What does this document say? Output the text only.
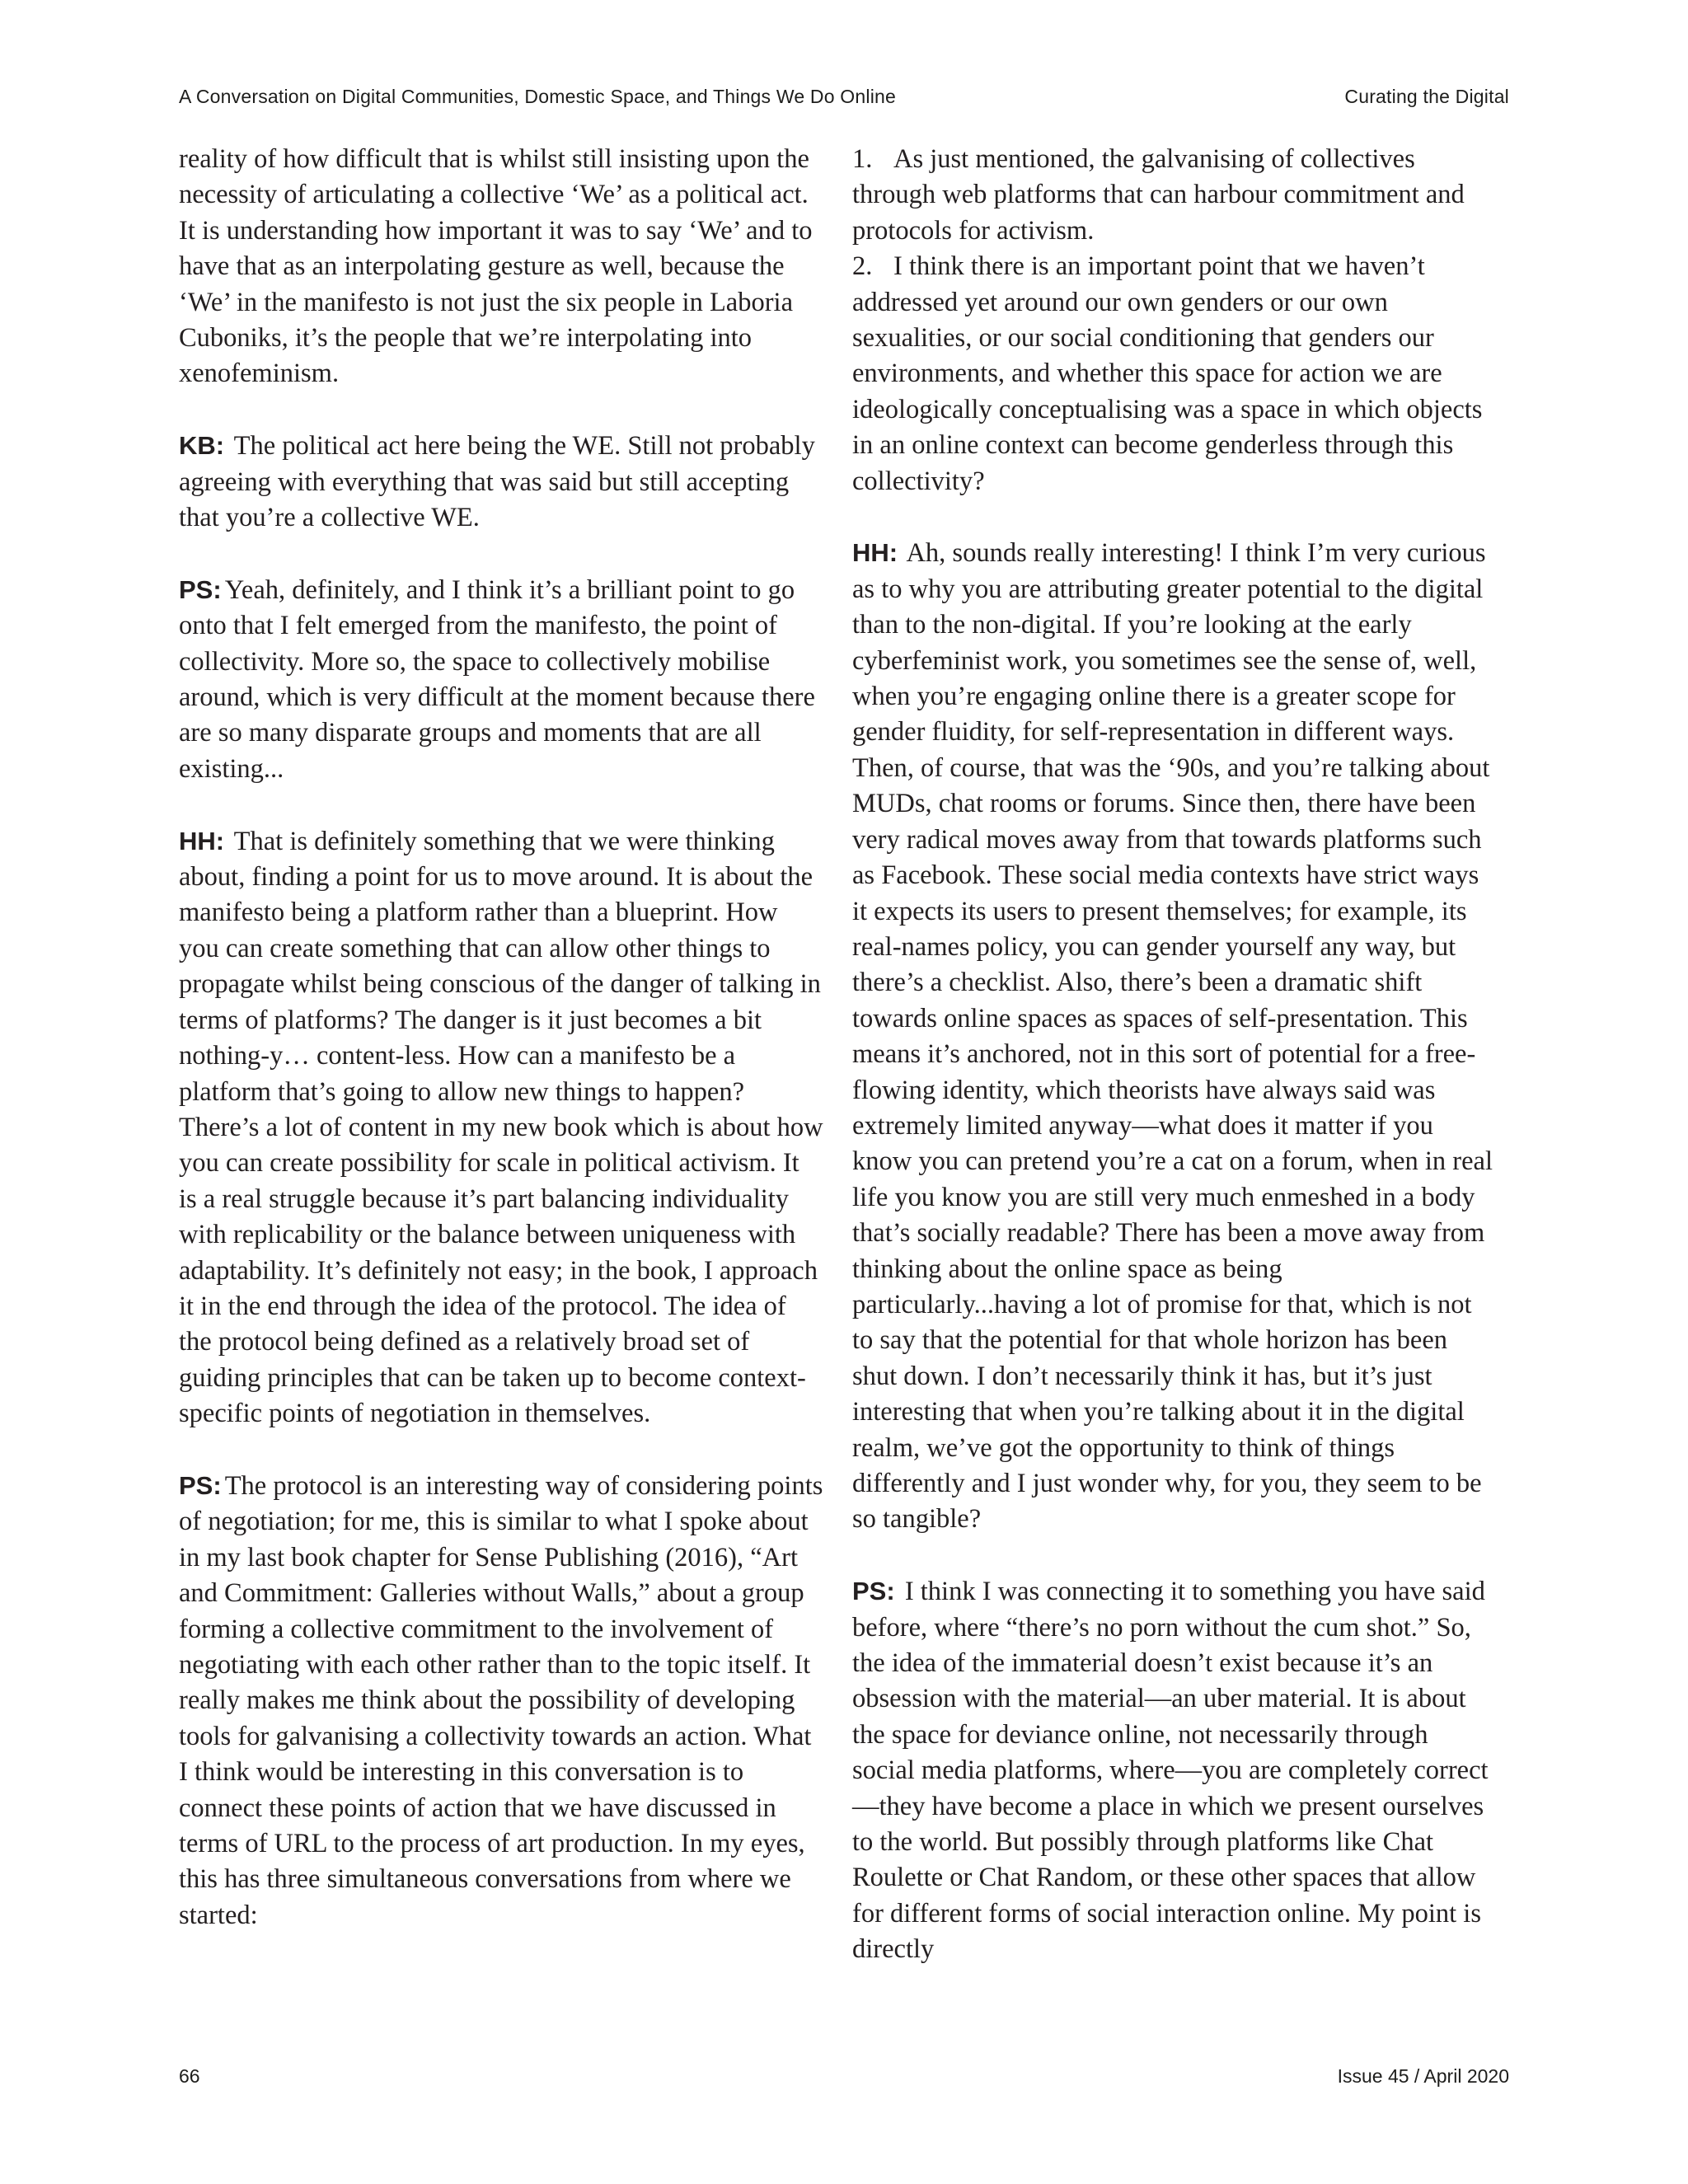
A Conversation on Digital Communities, Domestic Space, and Things We Do Online	Curating the Digital

reality of how difficult that is whilst still insisting upon the necessity of articulating a collective ‘We’ as a political act. It is understanding how important it was to say ‘We’ and to have that as an interpolating gesture as well, because the ‘We’ in the manifesto is not just the six people in Laboria Cuboniks, it’s the people that we’re interpolating into xenofeminism.

KB: The political act here being the WE. Still not probably agreeing with everything that was said but still accepting that you’re a collective WE.

PS: Yeah, definitely, and I think it’s a brilliant point to go onto that I felt emerged from the manifesto, the point of collectivity. More so, the space to collectively mobilise around, which is very difficult at the moment because there are so many disparate groups and moments that are all existing...

HH: That is definitely something that we were thinking about, finding a point for us to move around. It is about the manifesto being a platform rather than a blueprint. How you can create something that can allow other things to propagate whilst being conscious of the danger of talking in terms of platforms? The danger is it just becomes a bit nothing-y… content-less. How can a manifesto be a platform that’s going to allow new things to happen? There’s a lot of content in my new book which is about how you can create possibility for scale in political activism. It is a real struggle because it’s part balancing individuality with replicability or the balance between uniqueness with adaptability. It’s definitely not easy; in the book, I approach it in the end through the idea of the protocol. The idea of the protocol being defined as a relatively broad set of guiding principles that can be taken up to become context-specific points of negotiation in themselves.

PS: The protocol is an interesting way of considering points of negotiation; for me, this is similar to what I spoke about in my last book chapter for Sense Publishing (2016), “Art and Commitment: Galleries without Walls,” about a group forming a collective commitment to the involvement of negotiating with each other rather than to the topic itself. It really makes me think about the possibility of developing tools for galvanising a collectivity towards an action. What I think would be interesting in this conversation is to connect these points of action that we have discussed in terms of URL to the process of art production. In my eyes, this has three simultaneous conversations from where we started:

1. As just mentioned, the galvanising of collectives through web platforms that can harbour commitment and protocols for activism.

2. I think there is an important point that we haven’t addressed yet around our own genders or our own sexualities, or our social conditioning that genders our environments, and whether this space for action we are ideologically conceptualising was a space in which objects in an online context can become genderless through this collectivity?

HH: Ah, sounds really interesting! I think I’m very curious as to why you are attributing greater potential to the digital than to the non-digital. If you’re looking at the early cyberfeminist work, you sometimes see the sense of, well, when you’re engaging online there is a greater scope for gender fluidity, for self-representation in different ways. Then, of course, that was the ‘90s, and you’re talking about MUDs, chat rooms or forums. Since then, there have been very radical moves away from that towards platforms such as Facebook. These social media contexts have strict ways it expects its users to present themselves; for example, its real-names policy, you can gender yourself any way, but there’s a checklist. Also, there’s been a dramatic shift towards online spaces as spaces of self-presentation. This means it’s anchored, not in this sort of potential for a free-flowing identity, which theorists have always said was extremely limited anyway—what does it matter if you know you can pretend you’re a cat on a forum, when in real life you know you are still very much enmeshed in a body that’s socially readable? There has been a move away from thinking about the online space as being particularly...having a lot of promise for that, which is not to say that the potential for that whole horizon has been shut down. I don’t necessarily think it has, but it’s just interesting that when you’re talking about it in the digital realm, we’ve got the opportunity to think of things differently and I just wonder why, for you, they seem to be so tangible?

PS: I think I was connecting it to something you have said before, where “there’s no porn without the cum shot.” So, the idea of the immaterial doesn’t exist because it’s an obsession with the material—an uber material. It is about the space for deviance online, not necessarily through social media platforms, where—you are completely correct—they have become a place in which we present ourselves to the world. But possibly through platforms like Chat Roulette or Chat Random, or these other spaces that allow for different forms of social interaction online. My point is directly

66	Issue 45 / April 2020
